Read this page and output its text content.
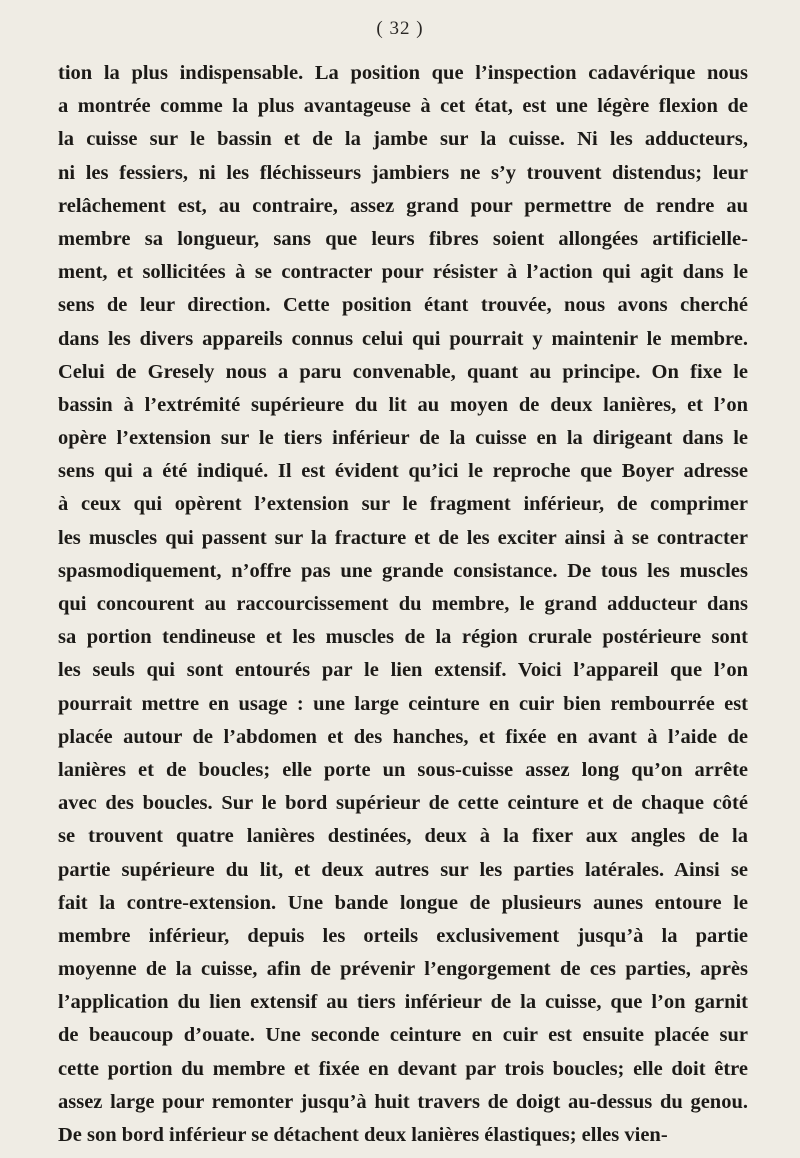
( 32 )
tion la plus indispensable. La position que l’inspection cadavérique nous
a montrée comme la plus avantageuse à cet état, est une légère flexion de
la cuisse sur le bassin et de la jambe sur la cuisse. Ni les adducteurs,
ni les fessiers, ni les fléchisseurs jambiers ne s’y trouvent distendus; leur
relâchement est, au contraire, assez grand pour permettre de rendre au
membre sa longueur, sans que leurs fibres soient allongées artificielle-
ment, et sollicitées à se contracter pour résister à l’action qui agit dans le
sens de leur direction. Cette position étant trouvée, nous avons cherché
dans les divers appareils connus celui qui pourrait y maintenir le membre.
Celui de Gresely nous a paru convenable, quant au principe. On fixe le
bassin à l’extrémité supérieure du lit au moyen de deux lanières, et l’on
opère l’extension sur le tiers inférieur de la cuisse en la dirigeant dans le
sens qui a été indiqué. Il est évident qu’ici le reproche que Boyer adresse
à ceux qui opèrent l’extension sur le fragment inférieur, de comprimer
les muscles qui passent sur la fracture et de les exciter ainsi à se contracter
spasmodiquement, n’offre pas une grande consistance. De tous les muscles
qui concourent au raccourcissement du membre, le grand adducteur dans
sa portion tendineuse et les muscles de la région crurale postérieure sont
les seuls qui sont entourés par le lien extensif. Voici l’appareil que l’on
pourrait mettre en usage : une large ceinture en cuir bien rembourrée est
placée autour de l’abdomen et des hanches, et fixée en avant à l’aide de
lanières et de boucles; elle porte un sous-cuisse assez long qu’on arrête
avec des boucles. Sur le bord supérieur de cette ceinture et de chaque côté
se trouvent quatre lanières destinées, deux à la fixer aux angles de la
partie supérieure du lit, et deux autres sur les parties latérales. Ainsi se
fait la contre-extension. Une bande longue de plusieurs aunes entoure le
membre inférieur, depuis les orteils exclusivement jusqu’à la partie
moyenne de la cuisse, afin de prévenir l’engorgement de ces parties, après
l’application du lien extensif au tiers inférieur de la cuisse, que l’on garnit
de beaucoup d’ouate. Une seconde ceinture en cuir est ensuite placée sur
cette portion du membre et fixée en devant par trois boucles; elle doit être
assez large pour remonter jusqu’à huit travers de doigt au-dessus du genou.
De son bord inférieur se détachent deux lanières élastiques; elles vien-
